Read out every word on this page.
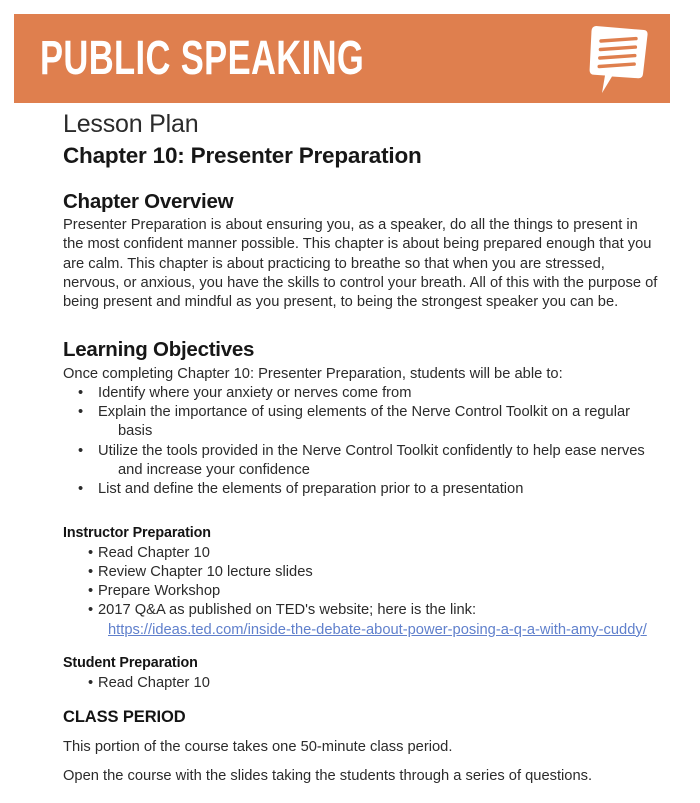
PUBLIC SPEAKING

Lesson Plan

Chapter 10: Presenter Preparation

Chapter Overview

Presenter Preparation is about ensuring you, as a speaker, do all the things to present in the most confident manner possible. This chapter is about being prepared enough that you are calm. This chapter is about practicing to breathe so that when you are stressed, nervous, or anxious, you have the skills to control your breath. All of this with the purpose of being present and mindful as you present, to being the strongest speaker you can be.

Learning Objectives

Once completing Chapter 10: Presenter Preparation, students will be able to:

• Identify where your anxiety or nerves come from
• Explain the importance of using elements of the Nerve Control Toolkit on a regular basis
• Utilize the tools provided in the Nerve Control Toolkit confidently to help ease nerves and increase your confidence
• List and define the elements of preparation prior to a presentation
Instructor Preparation
• Read Chapter 10
• Review Chapter 10 lecture slides
• Prepare Workshop
• 2017 Q&A as published on TED's website; here is the link: https://ideas.ted.com/inside-the-debate-about-power-posing-a-q-a-with-amy-cuddy/
Student Preparation
• Read Chapter 10
CLASS PERIOD

This portion of the course takes one 50-minute class period.

Open the course with the slides taking the students through a series of questions.
